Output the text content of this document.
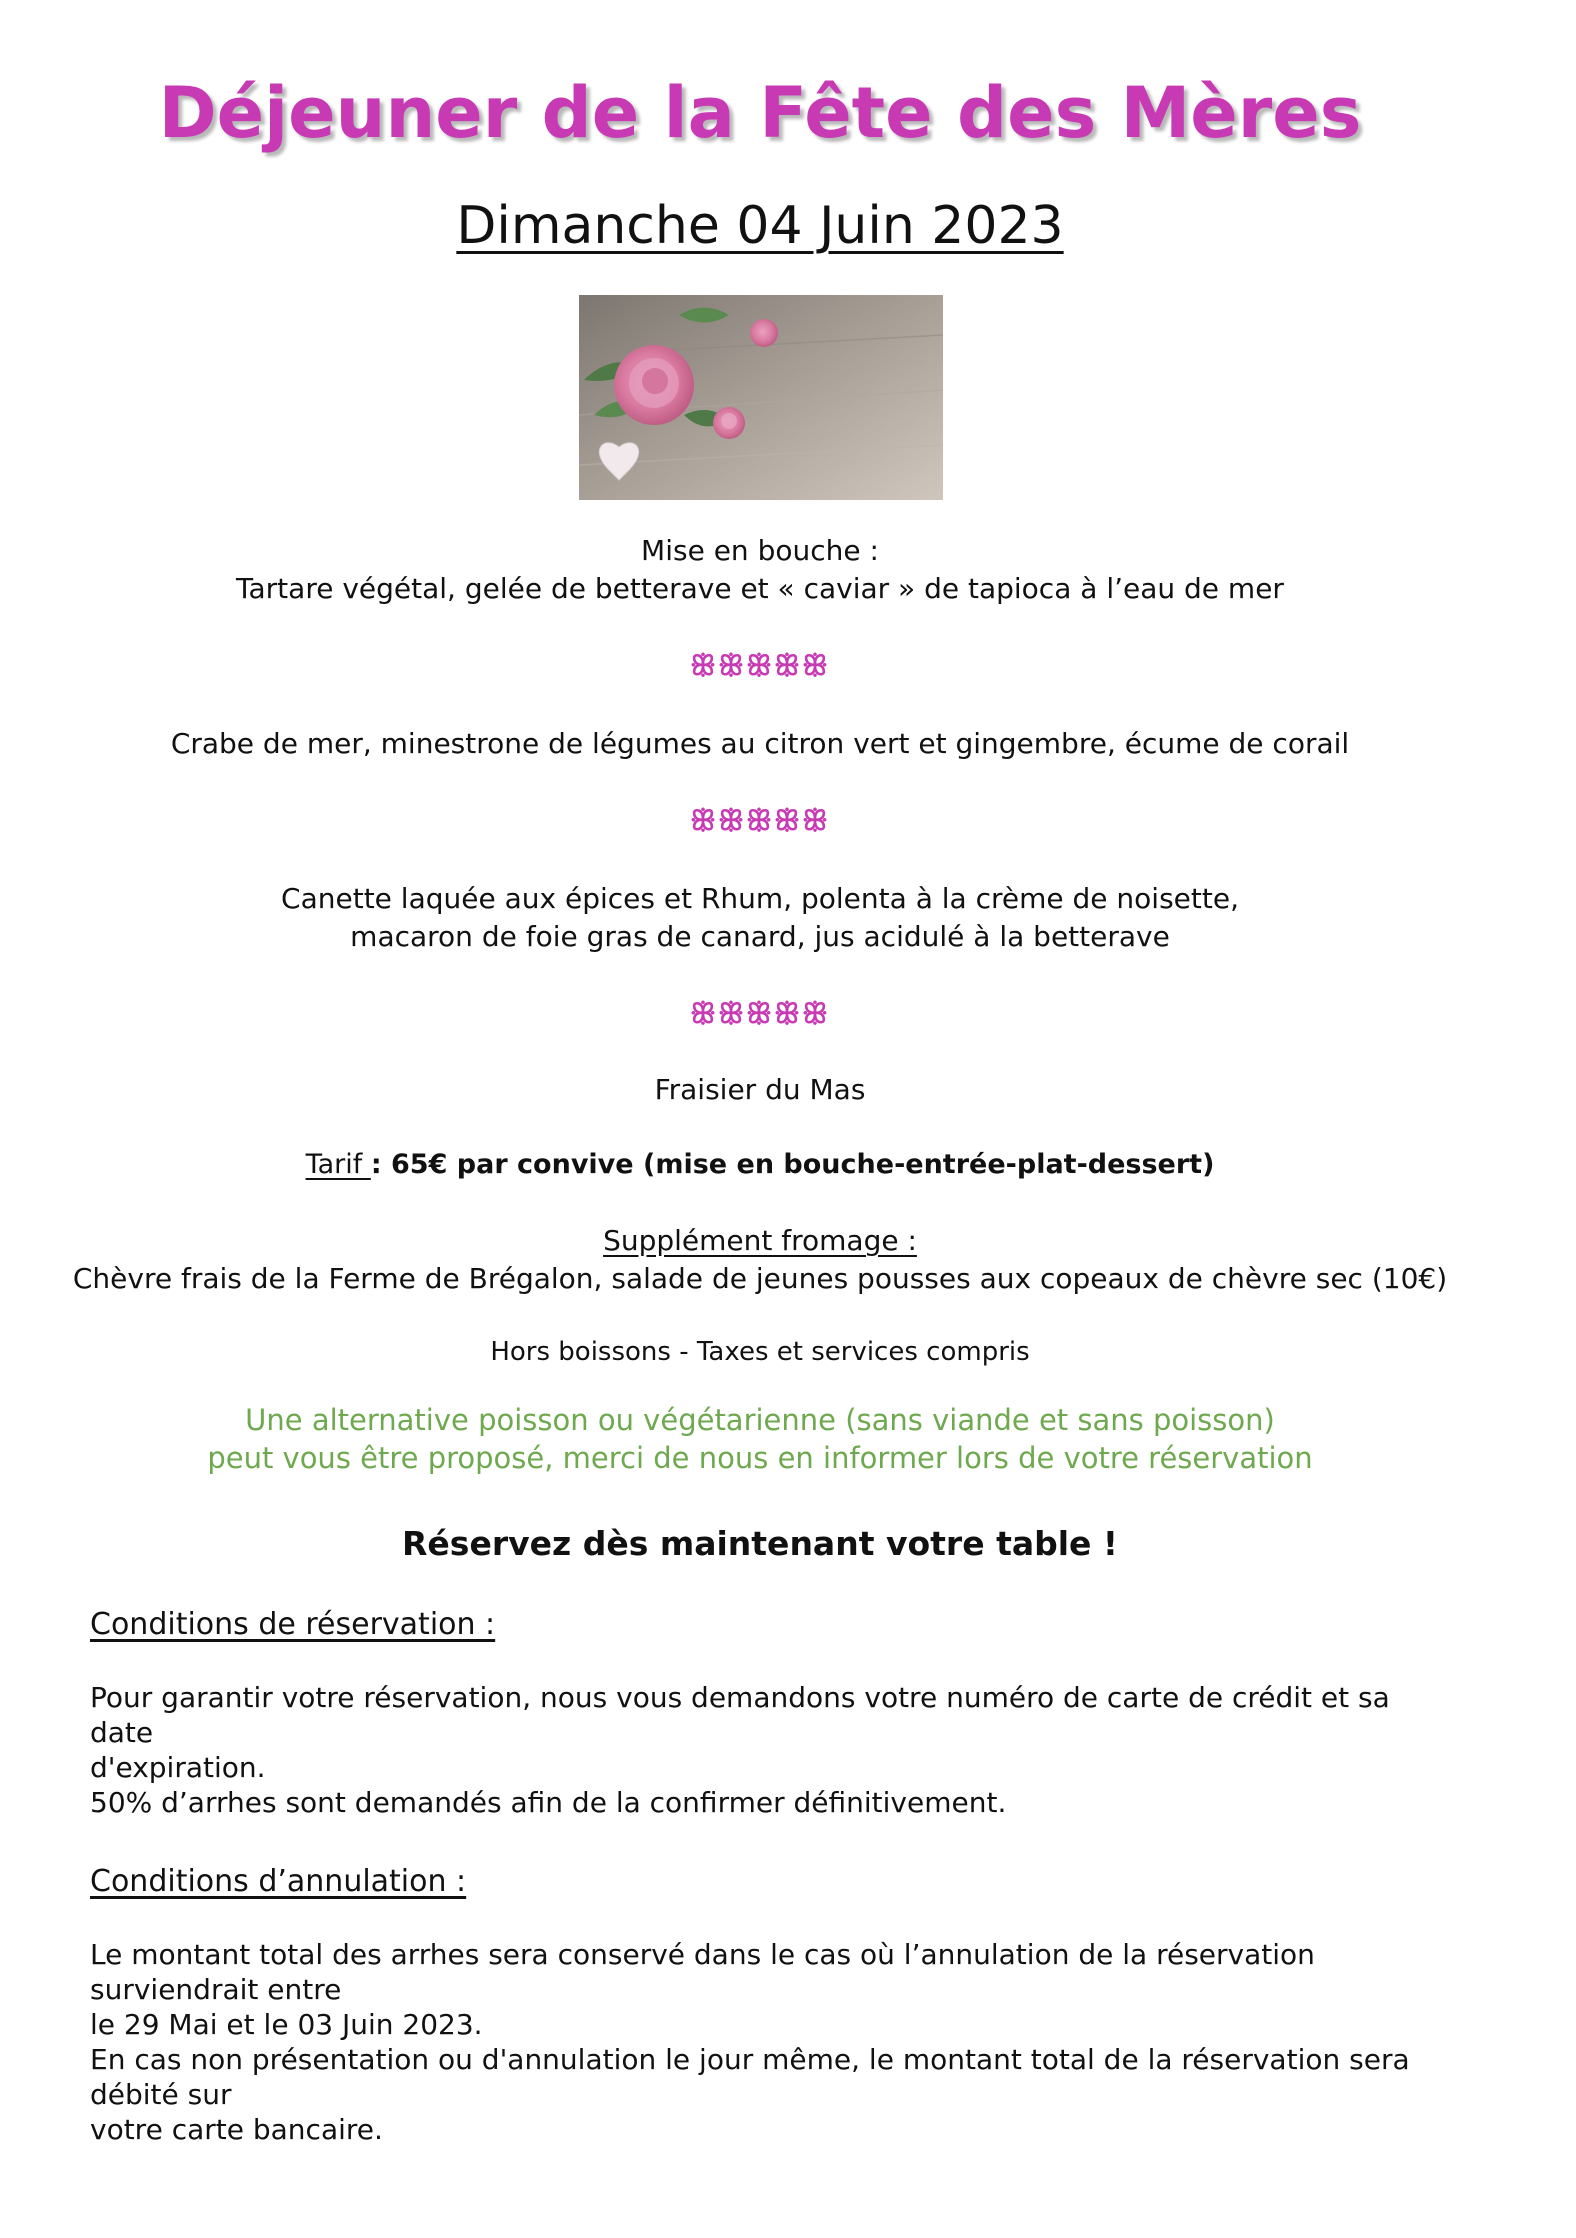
Déjeuner de la Fête des Mères
Dimanche 04 Juin 2023
Mise en bouche :
Tartare végétal, gelée de betterave et « caviar » de tapioca à l’eau de mer
ꕥꕥꕥꕥꕥ
Crabe de mer, minestrone de légumes au citron vert et gingembre, écume de corail
ꕥꕥꕥꕥꕥ
Canette laquée aux épices et Rhum, polenta à la crème de noisette,
macaron de foie gras de canard, jus acidulé à la betterave
ꕥꕥꕥꕥꕥ
Fraisier du Mas
Tarif : 65€ par convive (mise en bouche-entrée-plat-dessert)
Supplément fromage :
Chèvre frais de la Ferme de Brégalon, salade de jeunes pousses aux copeaux de chèvre sec (10€)
Hors boissons - Taxes et services compris
Une alternative poisson ou végétarienne (sans viande et sans poisson)
peut vous être proposé, merci de nous en informer lors de votre réservation
Réservez dès maintenant votre table !
Conditions de réservation :
Pour garantir votre réservation, nous vous demandons votre numéro de carte de crédit et sa date
d'expiration.
50% d’arrhes sont demandés afin de la confirmer définitivement.
Conditions d’annulation :
Le montant total des arrhes sera conservé dans le cas où l’annulation de la réservation surviendrait entre
le 29 Mai et le 03 Juin 2023.
En cas non présentation ou d'annulation le jour même, le montant total de la réservation sera débité sur
votre carte bancaire.
